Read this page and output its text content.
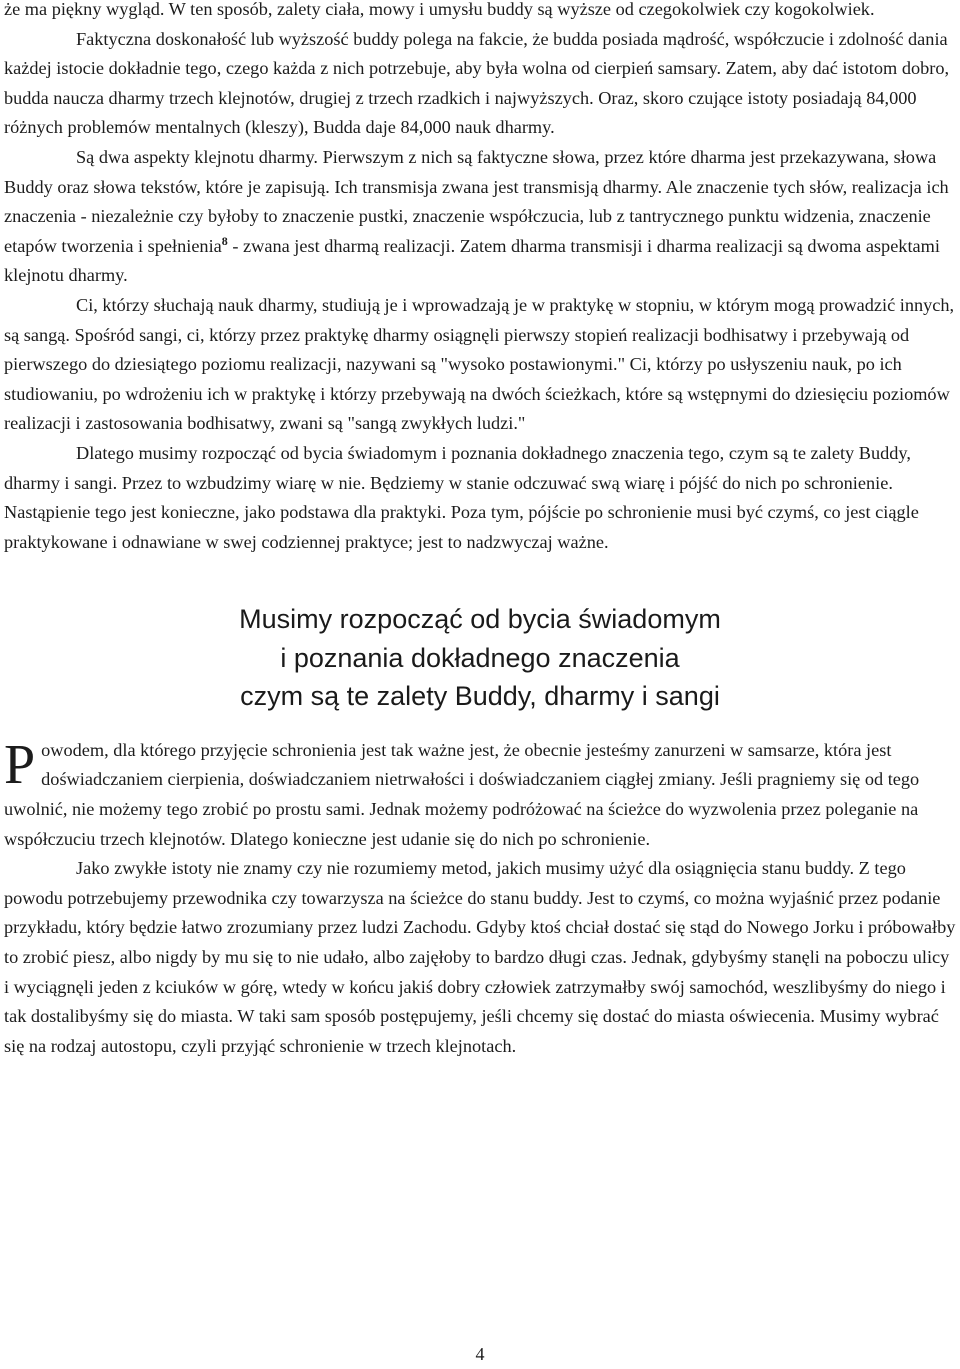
że ma piękny wygląd. W ten sposób, zalety ciała, mowy i umysłu buddy są wyższe od czegokolwiek czy kogokolwiek.

Faktyczna doskonałość lub wyższość buddy polega na fakcie, że budda posiada mądrość, współczucie i zdolność dania każdej istocie dokładnie tego, czego każda z nich potrzebuje, aby była wolna od cierpień samsary. Zatem, aby dać istotom dobro, budda naucza dharmy trzech klejnotów, drugiej z trzech rzadkich i najwyższych. Oraz, skoro czujące istoty posiadają 84,000 różnych problemów mentalnych (kleszy), Budda daje 84,000 nauk dharmy.

Są dwa aspekty klejnotu dharmy. Pierwszym z nich są faktyczne słowa, przez które dharma jest przekazywana, słowa Buddy oraz słowa tekstów, które je zapisują. Ich transmisja zwana jest transmisją dharmy. Ale znaczenie tych słów, realizacja ich znaczenia - niezależnie czy byłoby to znaczenie pustki, znaczenie współczucia, lub z tantrycznego punktu widzenia, znaczenie etapów tworzenia i spełnienia$^8$ - zwana jest dharmą realizacji. Zatem dharma transmisji i dharma realizacji są dwoma aspektami klejnotu dharmy.

Ci, którzy słuchają nauk dharmy, studiują je i wprowadzają je w praktykę w stopniu, w którym mogą prowadzić innych, są sangą. Spośród sangi, ci, którzy przez praktykę dharmy osiągnęli pierwszy stopień realizacji bodhisatwy i przebywają od pierwszego do dziesiątego poziomu realizacji, nazywani są "wysoko postawionymi." Ci, którzy po usłyszeniu nauk, po ich studiowaniu, po wdrożeniu ich w praktykę i którzy przebywają na dwóch ścieżkach, które są wstępnymi do dziesięciu poziomów realizacji i zastosowania bodhisatwy, zwani są "sangą zwykłych ludzi."

Dlatego musimy rozpocząć od bycia świadomym i poznania dokładnego znaczenia tego, czym są te zalety Buddy, dharmy i sangi. Przez to wzbudzimy wiarę w nie. Będziemy w stanie odczuwać swą wiarę i pójść do nich po schronienie. Nastąpienie tego jest konieczne, jako podstawa dla praktyki. Poza tym, pójście po schronienie musi być czymś, co jest ciągle praktykowane i odnawiane w swej codziennej praktyce; jest to nadzwyczaj ważne.

Musimy rozpocząć od bycia świadomym
i poznania dokładnego znaczenia
czym są te zalety Buddy, dharmy i sangi

Powodem, dla którego przyjęcie schronienia jest tak ważne jest, że obecnie jesteśmy zanurzeni w samsarze, która jest doświadczaniem cierpienia, doświadczaniem nietrwałości i doświadczaniem ciągłej zmiany. Jeśli pragniemy się od tego uwolnić, nie możemy tego zrobić po prostu sami. Jednak możemy podróżować na ścieżce do wyzwolenia przez poleganie na współczuciu trzech klejnotów. Dlatego konieczne jest udanie się do nich po schronienie.

Jako zwykłe istoty nie znamy czy nie rozumiemy metod, jakich musimy użyć dla osiągnięcia stanu buddy. Z tego powodu potrzebujemy przewodnika czy towarzysza na ścieżce do stanu buddy. Jest to czymś, co można wyjaśnić przez podanie przykładu, który będzie łatwo zrozumiany przez ludzi Zachodu. Gdyby ktoś chciał dostać się stąd do Nowego Jorku i próbowałby to zrobić piesz, albo nigdy by mu się to nie udało, albo zajęłoby to bardzo długi czas. Jednak, gdybyśmy stanęli na poboczu ulicy i wyciągnęli jeden z kciuków w górę, wtedy w końcu jakiś dobry człowiek zatrzymałby swój samochód, weszlibyśmy do niego i tak dostalibyśmy się do miasta. W taki sam sposób postępujemy, jeśli chcemy się dostać do miasta oświecenia. Musimy wybrać się na rodzaj autostopu, czyli przyjąć schronienie w trzech klejnotach.

4
